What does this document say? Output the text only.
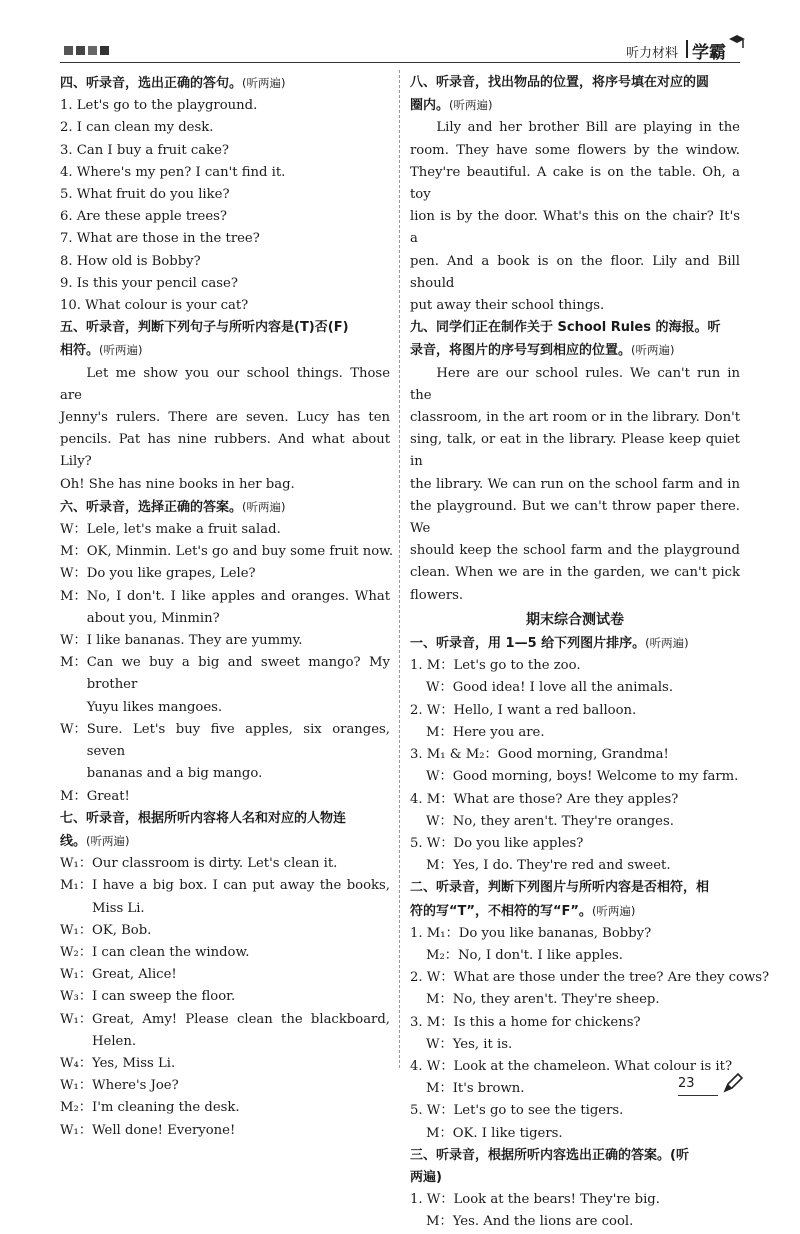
听力材料 学霸
四、听录音，选出正确的答句。(听两遍)
1. Let's go to the playground.
2. I can clean my desk.
3. Can I buy a fruit cake?
4. Where's my pen? I can't find it.
5. What fruit do you like?
6. Are these apple trees?
7. What are those in the tree?
8. How old is Bobby?
9. Is this your pencil case?
10. What colour is your cat?
五、听录音，判断下列句子与所听内容是(T)否(F)
相符。(听两遍)
Let me show you our school things. Those are
Jenny's rulers. There are seven. Lucy has ten
pencils. Pat has nine rubbers. And what about Lily?
Oh! She has nine books in her bag.
六、听录音，选择正确的答案。(听两遍)
W： Lele, let's make a fruit salad.
M： OK, Minmin. Let's go and buy some fruit now.
W： Do you like grapes, Lele?
M： No, I don't. I like apples and oranges. What
about you, Minmin?
W： I like bananas. They are yummy.
M： Can we buy a big and sweet mango? My brother
Yuyu likes mangoes.
W： Sure. Let's buy five apples, six oranges, seven
bananas and a big mango.
M： Great!
七、听录音，根据所听内容将人名和对应的人物连
线。(听两遍)
W₁： Our classroom is dirty. Let's clean it.
M₁： I have a big box. I can put away the books,
Miss Li.
W₁： OK, Bob.
W₂： I can clean the window.
W₁： Great, Alice!
W₃： I can sweep the floor.
W₁： Great, Amy! Please clean the blackboard,
Helen.
W₄： Yes, Miss Li.
W₁： Where's Joe?
M₂： I'm cleaning the desk.
W₁： Well done! Everyone!
八、听录音，找出物品的位置，将序号填在对应的圆
圈内。(听两遍)
Lily and her brother Bill are playing in the
room. They have some flowers by the window.
They're beautiful. A cake is on the table. Oh, a toy
lion is by the door. What's this on the chair? It's a
pen. And a book is on the floor. Lily and Bill should
put away their school things.
九、同学们正在制作关于 School Rules 的海报。听
录音，将图片的序号写到相应的位置。(听两遍)
Here are our school rules. We can't run in the
classroom, in the art room or in the library. Don't
sing, talk, or eat in the library. Please keep quiet in
the library. We can run on the school farm and in
the playground. But we can't throw paper there. We
should keep the school farm and the playground
clean. When we are in the garden, we can't pick
flowers.
期末综合测试卷
一、听录音，用 1—5 给下列图片排序。(听两遍)
1. M：Let's go to the zoo.
W：Good idea! I love all the animals.
2. W：Hello, I want a red balloon.
M：Here you are.
3. M₁ & M₂：Good morning, Grandma!
W：Good morning, boys! Welcome to my farm.
4. M：What are those? Are they apples?
W：No, they aren't. They're oranges.
5. W：Do you like apples?
M：Yes, I do. They're red and sweet.
二、听录音，判断下列图片与所听内容是否相符，相
符的写“T”，不相符的写“F”。(听两遍)
1. M₁：Do you like bananas, Bobby?
M₂：No, I don't. I like apples.
2. W：What are those under the tree? Are they cows?
M：No, they aren't. They're sheep.
3. M：Is this a home for chickens?
W：Yes, it is.
4. W：Look at the chameleon. What colour is it?
M：It's brown.
5. W：Let's go to see the tigers.
M：OK. I like tigers.
三、听录音，根据所听内容选出正确的答案。(听
两遍)
1. W：Look at the bears! They're big.
M：Yes. And the lions are cool.
23
